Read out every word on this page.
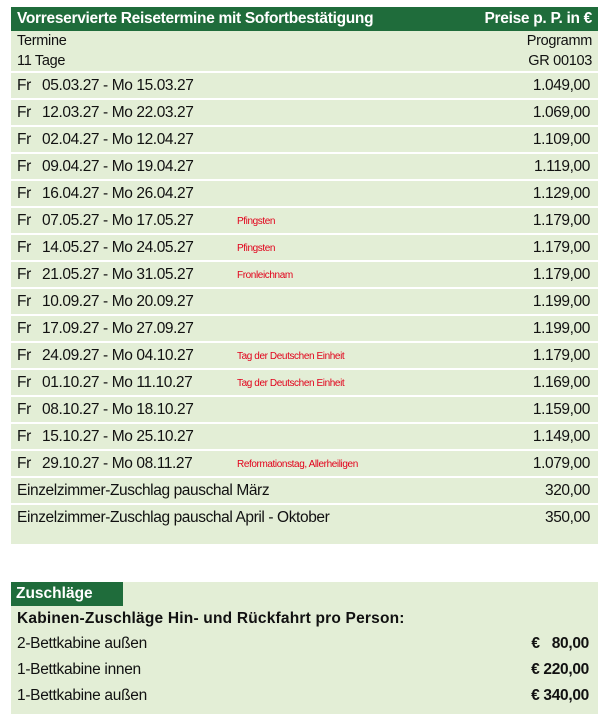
Vorreservierte Reisetermine mit Sofortbestätigung	Preise p. P. in €
Termine	Programm
11 Tage	GR 00103
Fr 05.03.27 - Mo 15.03.27	1.049,00
Fr 12.03.27 - Mo 22.03.27	1.069,00
Fr 02.04.27 - Mo 12.04.27	1.109,00
Fr 09.04.27 - Mo 19.04.27	1.119,00
Fr 16.04.27 - Mo 26.04.27	1.129,00
Fr 07.05.27 - Mo 17.05.27	Pfingsten	1.179,00
Fr 14.05.27 - Mo 24.05.27	Pfingsten	1.179,00
Fr 21.05.27 - Mo 31.05.27	Fronleichnam	1.179,00
Fr 10.09.27 - Mo 20.09.27	1.199,00
Fr 17.09.27 - Mo 27.09.27	1.199,00
Fr 24.09.27 - Mo 04.10.27	Tag der Deutschen Einheit	1.179,00
Fr 01.10.27 - Mo 11.10.27	Tag der Deutschen Einheit	1.169,00
Fr 08.10.27 - Mo 18.10.27	1.159,00
Fr 15.10.27 - Mo 25.10.27	1.149,00
Fr 29.10.27 - Mo 08.11.27	Reformationstag, Allerheiligen	1.079,00
Einzelzimmer-Zuschlag pauschal März	320,00
Einzelzimmer-Zuschlag pauschal April - Oktober	350,00
Zuschläge
Kabinen-Zuschläge Hin- und Rückfahrt pro Person:
2-Bettkabine außen	€   80,00
1-Bettkabine innen	€ 220,00
1-Bettkabine außen	€ 340,00
